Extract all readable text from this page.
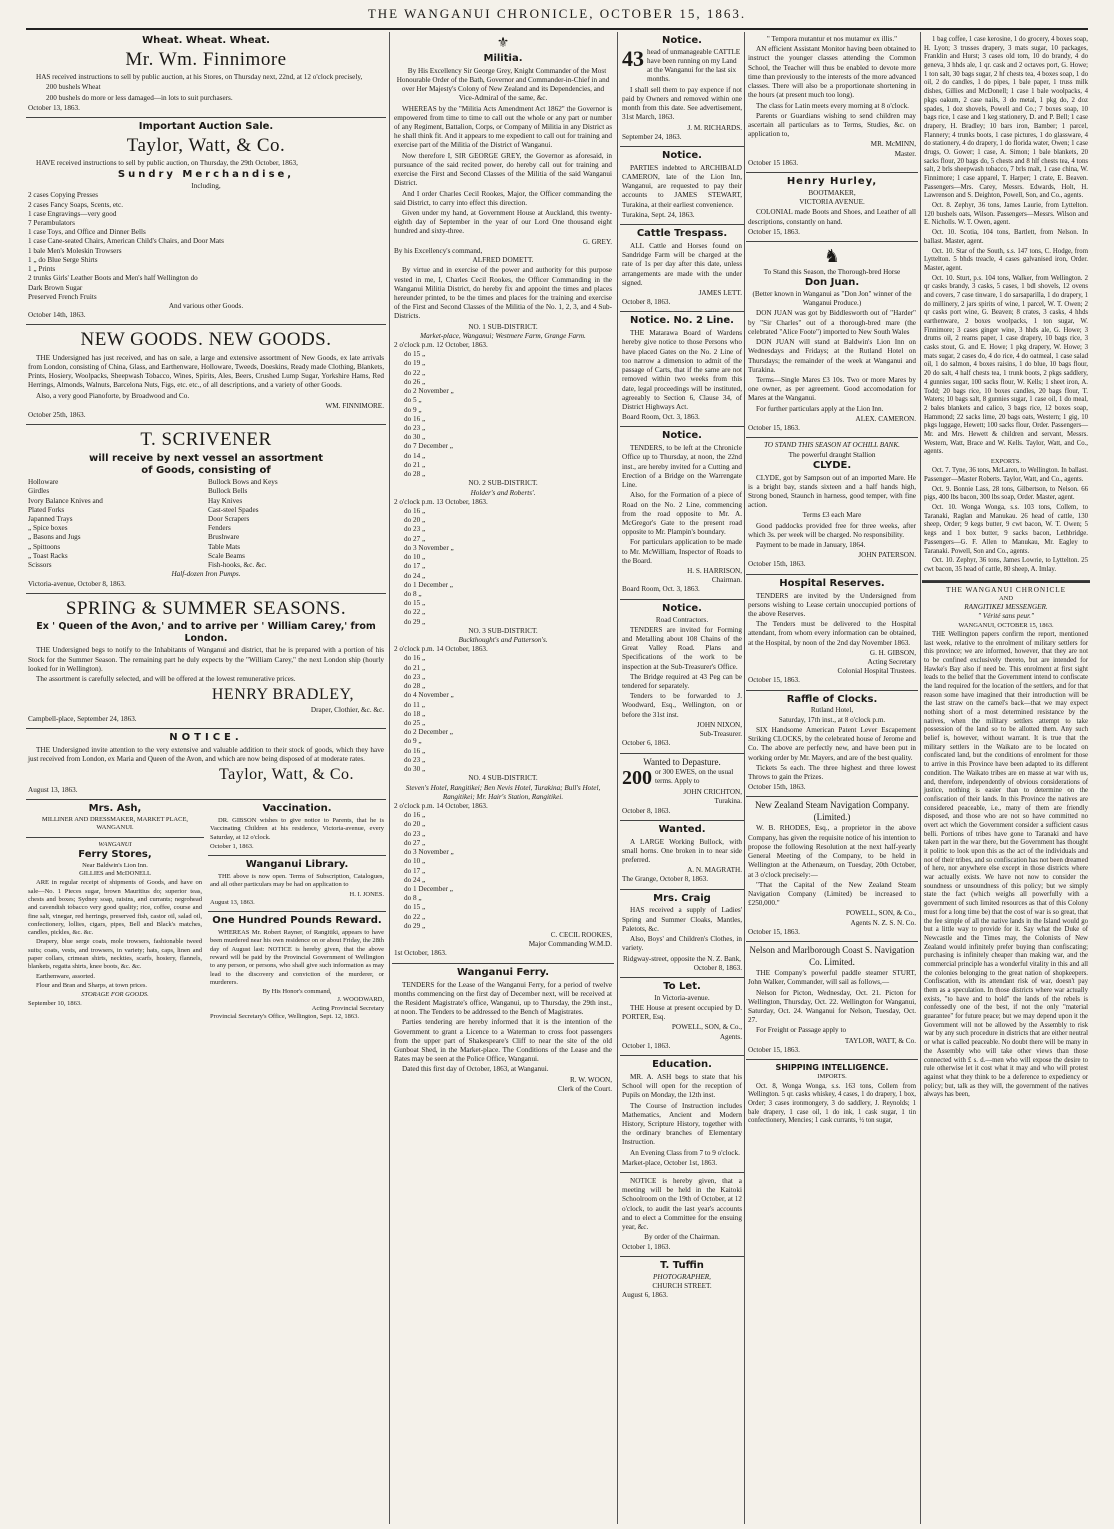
THE WANGANUI CHRONICLE, OCTOBER 15, 1863.
Wheat. Wheat. Wheat.
Mr. Wm. Finnimore

HAS received instructions to sell by public auction, at his Stores, on Thursday next, 22nd, at 12 o'clock precisely,

200 bushels Wheat
200 bushels do more or less damaged—in lots to suit purchasers.
October 13, 1863.
Important Auction Sale.
Taylor, Watt, & Co.

HAVE received instructions to sell by public auction, on Thursday, the 29th October, 1863,

Sundry Merchandise,
Including,
2 cases Copying Presses
2 cases Fancy Soaps, Scents, etc.
1 case Engravings—very good
7 Perambulators
1 case Toys, and Office and Dinner Bells
1 case Cane-seated Chairs, American Child's Chairs, and Door Mats
1 bale Men's Moleskin Trowsers
1 „ do Blue Serge Shirts
1 „ Prints
2 trunks Girls' Leather Boots and Men's half Wellington do
Dark Brown Sugar
Preserved French Fruits
And various other Goods.
October 14th, 1863.
NEW GOODS. NEW GOODS.

THE Undersigned has just received, and has on sale, a large and extensive assortment of New Goods, ex late arrivals from London, consisting of China, Glass, and Earthenware, Holloware, Tweeds, Doeskins, Ready made Clothing, Blankets, Prints, Hosiery, Woolpacks, Sheepwash Tobacco, Wines, Spirits, Ales, Beers, Crushed Lump Sugar, Yorkshire Hams, Red Herrings, Almonds, Walnuts, Barcelona Nuts, Figs, etc. etc., of all descriptions, and a variety of other Goods.

Also, a very good Pianoforte, by Broadwood and Co.

WM. FINNIMORE.
October 25th, 1863.
T. SCRIVENER
will receive by next vessel an assortment
of Goods, consisting of
Holloware
Girdles
Ivory Balance Knives and
Plated Forks
Japanned Trays
„ Spice boxes
„ Basons and Jugs
„ Spittoons
„ Toast Racks
Scissors
Bullock Bows and Keys
Bullock Bells
Hay Knives
Cast-steel Spades
Door Scrapers
Fenders
Brushware
Table Mats
Scale Beams
Fish-hooks, &c. &c.
Half-dozen Iron Pumps.
Victoria-avenue, October 8, 1863.
SPRING & SUMMER SEASONS.
Ex ' Queen of the Avon,' and to arrive per ' William Carey,' from London.

THE Undersigned begs to notify to the Inhabitants of Wanganui and district, that he is prepared with a portion of his Stock for the Summer Season. The remaining part he duly expects by the "William Carey," the next London ship (hourly looked for in Wellington).

The assortment is carefully selected, and will be offered at the lowest remunerative prices.

HENRY BRADLEY,
Draper, Clothier, &c. &c.
Campbell-place, September 24, 1863.
NOTICE.

THE Undersigned invite attention to the very extensive and valuable addition to their stock of goods, which they have just received from London, ex Maria and Queen of the Avon, and which are now being disposed of at moderate rates.

Taylor, Watt, & Co.
August 13, 1863.
Mrs. Ash,
MILLINER AND DRESSMAKER, MARKET PLACE, WANGANUI.
WANGANUI
Ferry Stores,
Near Baldwin's Lion Inn.
GILLIES and McDONELL

ARE in regular receipt of shipments of Goods, and have on sale—No. 1 Pieces sugar, brown Mauritius do; superior teas, chests and boxes; Sydney soap, raisins, and currants; negrohead and cavendish tobacco very good quality; rice, coffee, course and fine salt, vinegar, red herrings, preserved fish, castor oil, salad oil, confectionery, lollies, cigars, pipes, Bell and Black's matches, candles, pickles, &c. &c.

Drapery, blue serge coats, mole trowsers, fashionable tweed suits; coats, vests, and trowsers, in variety; hats, caps, linen and paper collars, crimean shirts, neckties, scarfs, hosiery, flannels, blankets, regatta shirts, knee boots, &c. &c.

Earthenware, assorted.

Flour and Bran and Sharps, at town prices.

STORAGE FOR GOODS.
September 10, 1863.
Vaccination.

DR. GIBSON wishes to give notice to Parents, that he is Vaccinating Children at his residence, Victoria-avenue, every Saturday, at 12 o'clock.

October 1, 1863.
Wanganui Library.

THE above is now open. Terms of Subscription, Catalogues, and all other particulars may be had on application to

H. I. JONES.
August 13, 1863.
One Hundred Pounds Reward.

WHEREAS Mr. Robert Rayner, of Rangitiki, appears to have been murdered near his own residence on or about Friday, the 28th day of August last: NOTICE is hereby given, that the above reward will be paid by the Provincial Government of Wellington to any person, or persons, who shall give such information as may lead to the discovery and conviction of the murderer, or murderers.

By His Honor's command,
J. WOODWARD,
Acting Provincial Secretary
Provincial Secretary's Office, Wellington, Sept. 12, 1863.
⚜
Militia.

By His Excellency Sir George Grey, Knight Commander of the Most Honourable Order of the Bath, Governor and Commander-in-Chief in and over Her Majesty's Colony of New Zealand and its Dependencies, and Vice-Admiral of the same, &c.

WHEREAS by the "Militia Acts Amendment Act 1862" the Governor is empowered from time to time to call out the whole or any part or number of any Regiment, Battalion, Corps, or Company of Militia in any District as he shall think fit. And it appears to me expedient to call out for training and exercise part of the Militia of the District of Wanganui.

Now therefore I, SIR GEORGE GREY, the Governor as aforesaid, in pursuance of the said recited power, do hereby call out for training and exercise the First and Second Classes of the Militia of the said Wanganui District.

And I order Charles Cecil Rookes, Major, the Officer commanding the said District, to carry into effect this direction.

Given under my hand, at Government House at Auckland, this twenty-eighth day of September in the year of our Lord One thousand eight hundred and sixty-three.

G. GREY.
By his Excellency's command,
ALFRED DOMETT.

By virtue and in exercise of the power and authority for this purpose vested in me, I, Charles Cecil Rookes, the Officer Commanding in the Wanganui Militia District, do hereby fix and appoint the times and places hereunder printed, to be the times and places for the training and exercise of the First and Second Classes of the Militia of the No. 1, 2, 3, and 4 Sub-Districts.

NO. 1 SUB-DISTRICT.
Market-place, Wanganui; Westmere Farm, Grange Farm.
2 o'clock p.m. 12 October, 1863.
do 15 „
do 19 „
do 22 „
do 26 „
do 2 November „
do 5 „
do 9 „
do 16 „
do 23 „
do 30 „
do 7 December „
do 14 „
do 21 „
do 28 „
NO. 2 SUB-DISTRICT.
Holder's and Roberts'.
2 o'clock p.m. 13 October, 1863.
do 16 „
do 20 „
do 23 „
do 27 „
do 3 November „
do 10 „
do 17 „
do 24 „
do 1 December „
do 8 „
do 15 „
do 22 „
do 29 „
NO. 3 SUB-DISTRICT.
Buckthought's and Patterson's.
2 o'clock p.m. 14 October, 1863.
do 16 „
do 21 „
do 23 „
do 28 „
do 4 November „
do 11 „
do 18 „
do 25 „
do 2 December „
do 9 „
do 16 „
do 23 „
do 30 „
NO. 4 SUB-DISTRICT.
Steven's Hotel, Rangitikei; Ben Nevis Hotel, Turakina; Bull's Hotel, Rangitikei; Mr. Hair's Station, Rangitikei.
2 o'clock p.m. 14 October, 1863.
do 16 „
do 20 „
do 23 „
do 27 „
do 3 November „
do 10 „
do 17 „
do 24 „
do 1 December „
do 8 „
do 15 „
do 22 „
do 29 „
C. CECIL ROOKES,
Major Commanding W.M.D.
1st October, 1863.
Wanganui Ferry.

TENDERS for the Lease of the Wanganui Ferry, for a period of twelve months commencing on the first day of December next, will be received at the Resident Magistrate's office, Wanganui, up to Thursday, the 29th inst., at noon. The Tenders to be addressed to the Bench of Magistrates.

Parties tendering are hereby informed that it is the intention of the Government to grant a Licence to a Waterman to cross foot passengers from the upper part of Shakespeare's Cliff to near the site of the old Gunboat Shed, in the Market-place. The Conditions of the Lease and the Rates may be seen at the Police Office, Wanganui.

Dated this first day of October, 1863, at Wanganui.

R. W. WOON,
Clerk of the Court.
Notice.
43 head of unmanageable CATTLE have been running on my Land at the Wanganui for the last six months.

I shall sell them to pay expence if not paid by Owners and removed within one month from this date. See advertisement, 31st March, 1863.

J. M. RICHARDS.
September 24, 1863.
Notice.

PARTIES indebted to ARCHIBALD CAMERON, late of the Lion Inn, Wanganui, are requested to pay their accounts to JAMES STEWART, Turakina, at their earliest convenience.

Turakina, Sept. 24, 1863.
Cattle Trespass.

ALL Cattle and Horses found on Sandridge Farm will be charged at the rate of 1s per day after this date, unless arrangements are made with the under signed.

JAMES LETT.
October 8, 1863.
Notice. No. 2 Line.

THE Matarawa Board of Wardens hereby give notice to those Persons who have placed Gates on the No. 2 Line of too narrow a dimension to admit of the passage of Carts, that if the same are not removed within two weeks from this date, legal proceedings will be instituted, agreeably to Section 6, Clause 34, of District Highways Act.

Board Room, Oct. 3, 1863.
Notice.

TENDERS, to be left at the Chronicle Office up to Thursday, at noon, the 22nd inst., are hereby invited for a Cutting and Erection of a Bridge on the Warrengate Line.

Also, for the Formation of a piece of Road on the No. 2 Line, commencing from the road opposite to Mr. A. McGregor's Gate to the present road opposite to Mr. Plampin's boundary.

For particulars application to be made to Mr. McWilliam, Inspector of Roads to the Board.

H. S. HARRISON,
Chairman.
Board Room, Oct. 3, 1863.
Notice.
Road Contractors.

TENDERS are invited for Forming and Metalling about 108 Chains of the Great Valley Road. Plans and Specifications of the work to be inspection at the Sub-Treasurer's Office.

The Bridge required at 43 Peg can be tendered for separately.

Tenders to be forwarded to J. Woodward, Esq., Wellington, on or before the 31st inst.

JOHN NIXON,
Sub-Treasurer.
October 6, 1863.
Wanted to Depasture.
200 or 300 EWES, on the usual terms. Apply to
JOHN CRICHTON,
Turakina.
October 8, 1863.
Wanted.

A LARGE Working Bullock, with small horns. One broken in to near side preferred.

A. N. MAGRATH.
The Grange, October 8, 1863.
Mrs. Craig

HAS received a supply of Ladies' Spring and Summer Cloaks, Mantles, Paletots, &c.

Also, Boys' and Children's Clothes, in variety.

Ridgway-street, opposite the N. Z. Bank,
October 8, 1863.
To Let.
In Victoria-avenue.

THE House at present occupied by D. PORTER, Esq.

POWELL, SON, & Co.,
Agents.
October 1, 1863.
Education.

MR. A. ASH begs to state that his School will open for the reception of Pupils on Monday, the 12th inst.

The Course of Instruction includes Mathematics, Ancient and Modern History, Scripture History, together with the ordinary branches of Elementary Instruction.

An Evening Class from 7 to 9 o'clock.

Market-place, October 1st, 1863.

NOTICE is hereby given, that a meeting will be held in the Kaitoki Schoolroom on the 19th of October, at 12 o'clock, to audit the last year's accounts and to elect a Committee for the ensuing year, &c.

By order of the Chairman.
October 1, 1863.
T. Tuffin
PHOTOGRAPHER,
CHURCH STREET.
August 6, 1863.
" Tempora mutantur et nos mutamur ex illis."

AN efficient Assistant Monitor having been obtained to instruct the younger classes attending the Common School, the Teacher will thus be enabled to devote more time than previously to the interests of the more advanced classes. There will also be a proportionate shortening in the hours (at present much too long).

The class for Latin meets every morning at 8 o'clock.

Parents or Guardians wishing to send children may ascertain all particulars as to Terms, Studies, &c. on application to,

MR. McMINN,
Master.
October 15 1863.
Henry Hurley,
BOOTMAKER,
VICTORIA AVENUE.

COLONIAL made Boots and Shoes, and Leather of all descriptions, constantly on hand.

October 15, 1863.
♞
To Stand this Season, the Thorough-bred Horse
Don Juan.
(Better known in Wanganui as "Don Jon" winner of the Wanganui Produce.)

DON JUAN was got by Biddlesworth out of "Harder" by "Sir Charles" out of a thorough-bred mare (the celebrated "Alice Foote") imported to New South Wales

DON JUAN will stand at Baldwin's Lion Inn on Wednesdays and Fridays; at the Rutland Hotel on Thursdays; the remainder of the week at Wanganui and Turakina.

Terms—Single Mares £3 10s. Two or more Mares by one owner, as per agreement. Good accomodation for Mares at the Wanganui.

For further particulars apply at the Lion Inn.

ALEX. CAMERON.
October 15, 1863.
TO STAND THIS SEASON AT OCHILL BANK.
The powerful draught Stallion
CLYDE.

CLYDE, got by Sampson out of an imported Mare. He is a bright bay, stands sixteen and a half hands high, Strong boned, Staunch in harness, good temper, with fine action.

Terms £3 each Mare

Good paddocks provided free for three weeks, after which 3s. per week will be charged. No responsibility.

Payment to be made in January, 1864.

JOHN PATERSON.
October 15th, 1863.
Hospital Reserves.

TENDERS are invited by the Undersigned from persons wishing to Lease certain unoccupied portions of the above Reserves.

The Tenders must be delivered to the Hospital attendant, from whom every information can be obtained, at the Hospital, by noon of the 2nd day November 1863.

G. H. GIBSON,
Acting Secretary
Colonial Hospital Trustees.
October 15, 1863.
Raffle of Clocks.
Rutland Hotel,
Saturday, 17th inst., at 8 o'clock p.m.

SIX Handsome American Patent Lever Escapement Striking CLOCKS, by the celebrated house of Jerome and Co. The above are perfectly new, and have been put in working order by Mr. Mayers, and are of the best quality.

Tickets 5s each. The three highest and three lowest Throws to gain the Prizes.

October 15th, 1863.
New Zealand Steam Navigation Company. (Limited.)

W. B. RHODES, Esq., a proprietor in the above Company, has given the requisite notice of his intention to propose the following Resolution at the next half-yearly General Meeting of the Company, to be held in Wellington at the Athenæum, on Tuesday, 20th October, at 3 o'clock precisely:—

"That the Capital of the New Zealand Steam Navigation Company (Limited) be increased to £250,000."

POWELL, SON, & Co.,
Agents N. Z. S. N. Co.
October 15, 1863.
Nelson and Marlborough Coast S. Navigation Co. Limited.

THE Company's powerful paddle steamer STURT, John Walker, Commander, will sail as follows,—

Nelson for Picton, Wednesday, Oct. 21. Picton for Wellington, Thursday, Oct. 22. Wellington for Wanganui, Saturday, Oct. 24. Wanganui for Nelson, Tuesday, Oct. 27.

For Freight or Passage apply to

TAYLOR, WATT, & Co.
October 15, 1863.
SHIPPING INTELLIGENCE.
IMPORTS.

Oct. 8, Wonga Wonga, s.s. 163 tons, Collem from Wellington. 5 qr. casks whiskey, 4 cases, 1 do drapery, 1 box, Order; 3 cases ironmongery, 3 do saddlery, J. Reynolds; 1 bale drapery, 1 case oil, 1 do ink, 1 cask sugar, 1 tin confectionery, Mencies; 1 cask currants, ½ ton sugar,

1 bag coffee, 1 case kerosine, 1 do grocery, 4 boxes soap, H. Lyon; 3 trusses drapery, 3 mats sugar, 10 packages, Franklin and Hurst; 3 cases old tom, 10 do brandy, 4 do geneva, 3 hhds ale, 1 qr. cask and 2 octaves port, G. Howe; 1 ton salt, 30 bags sugar, 2 hf chests tea, 4 boxes soap, 1 do oil, 2 do candles, 1 do pipes, 1 bale paper, 1 truss milk dishes, Gillies and McDonell; 1 case 1 bale woolpacks, 4 pkgs oakum, 2 case nails, 3 do metal, 1 pkg do, 2 doz spades, 1 doz shovels, Powell and Co.; 7 boxes soap, 10 bags rice, 1 case and 1 keg stationery, D. and P. Bell; 1 case drapery, H. Bradley; 10 bars iron, Bamber; 1 parcel, Flannery; 4 trunks boots, 1 case pictures, 1 do glassware, 4 do stationery, 4 do drapery, 1 do florida water, Owen; 1 case drugs, O. Gower; 1 case, A. Simon; 1 bale blankets, 20 sacks flour, 20 bags do, 5 chests and 8 hlf chests tea, 4 tons salt, 2 brls sheepwash tobacco, 7 brls malt, 1 case china, W. Finnimore; 1 case apparel, T. Harper; 1 crate, E. Beaven. Passengers—Mrs. Carey, Messrs. Edwards, Holt, H. Lawrenson and S. Deighton, Powell, Son, and Co., agents.

Oct. 8. Zephyr, 36 tons, James Laurie, from Lyttelton. 120 bushels oats, Wilson. Passengers—Messrs. Wilson and E. Nicholls. W. T. Owen, agent.

Oct. 10. Scotia, 104 tons, Bartlett, from Nelson. In ballast. Master, agent.

Oct. 10. Star of the South, s.s. 147 tons, C. Hodge, from Lyttelton. 5 bhds treacle, 4 cases galvanised iron, Order. Master, agent.

Oct. 10. Sturt, p.s. 104 tons, Walker, from Wellington. 2 qr casks brandy, 3 casks, 5 cases, 1 bdl shovels, 12 ovens and covers, 7 case tinware, 1 do sarsaparilla, 1 do drapery, 1 do millinery, 2 jars spirits of wine, 1 parcel, W. T. Owen; 2 qr casks port wine, G. Beaven; 8 crates, 3 casks, 4 hhds earthenware, 2 boxes woolpacks, 1 ton sugar, W. Finnimore; 3 cases ginger wine, 3 hhds ale, G. Howe; 3 drums oil, 2 reams paper, 1 case drapery, 10 bags rice, 3 casks stout, G. and E. Howe; 1 pkg drapery, W. Howe; 3 mats sugar, 2 cases do, 4 do rice, 4 do oatmeal, 1 case salad oil, 1 do salmon, 4 boxes raisins, 1 do blue, 10 bags flour, 20 do salt, 4 half chests tea, 1 trunk boots, 2 pkgs saddlery, 4 gunnies sugar, 100 sacks flour, W. Kells; 1 sheet iron, A. Todd; 20 bags rice, 10 boxes candles, 20 bags flour, T. Waters; 10 bags salt, 8 gunnies sugar, 1 case oil, 1 do meal, 2 bales blankets and calico, 3 bags rice, 12 boxes soap, Hammond; 22 sacks lime, 20 bags oats, Western; 1 gig, 10 pkgs luggage, Hewett; 100 sacks flour, Order. Passengers—Mr. and Mrs. Hewett & children and servant, Messrs. Western, Watt, Brace and W. Kells. Taylor, Watt, and Co., agents.

EXPORTS.

Oct. 7. Tyne, 36 tons, McLaren, to Wellington. In ballast. Passenger—Master Roberts. Taylor, Watt, and Co., agents.

Oct. 9. Bonnie Lass, 28 tons, Gilbertson, to Nelson. 66 pigs, 400 lbs bacon, 300 lbs soap, Order. Master, agent.

Oct. 10. Wonga Wonga, s.s. 103 tons, Collem, to Taranaki, Raglan and Manukau. 26 head of cattle, 130 sheep, Order; 9 kegs butter, 9 cwt bacon, W. T. Owen; 5 kegs and 1 box butter, 9 sacks bacon, Lethbridge. Passengers—G. F. Allen to Manukau, Mr. Eagley to Taranaki. Powell, Son and Co., agents.

Oct. 10. Zephyr, 36 tons, James Lowrie, to Lyttelton. 25 cwt bacon, 35 head of cattle, 80 sheep, A. Imlay.

THE WANGANUI CHRONICLE
AND
RANGITIKEI MESSENGER.
" Vérité sans peur."
WANGANUI, OCTOBER 15, 1863.

THE Wellington papers confirm the report, mentioned last week, relative to the enrolment of military settlers for this province; we are informed, however, that they are not to be confined exclusively thereto, but are intended for Hawke's Bay also if need be. This enrolment at first sight leads to the belief that the Government intend to confiscate the land required for the location of the settlers, and for that reason some have imagined that their introduction will be the last straw on the camel's back—that we may expect nothing short of a most determined resistance by the natives, when the military settlers attempt to take possession of the land so to be allotted them. Any such belief is, however, without warrant. It is true that the military settlers in the Waikato are to be located on confiscated land, but the conditions of enrolment for those to arrive in this Province have been adapted to its different condition. The Waikato tribes are en masse at war with us, and, therefore, independently of obvious considerations of justice, nothing is easier than to determine on the confiscation of their lands. In this Province the natives are considered peaceable, i.e., many of them are friendly disposed, and those who are not so have committed no overt act which the Government consider a sufficient casus belli. Portions of tribes have gone to Taranaki and have taken part in the war there, but the Government has thought it politic to look upon this as the act of the individuals and not of their tribes, and so confiscation has not been dreamed of here, nor anywhere else except in those districts where war actually exists. We have not now to consider the soundness or unsoundness of this policy; but we simply state the fact (which weighs all powerfully with a government of such limited resources as that of this Colony must for a long time be) that the cost of war is so great, that the fee simple of all the native lands in the Island would go but a little way to provide for it. Say what the Duke of Newcastle and the Times may, the Colonists of New Zealand would infinitely prefer buying than confiscating; purchasing is infinitely cheaper than making war, and the commercial principle has a wonderful vitality in this and all the colonies belonging to the great nation of shopkeepers. Confiscation, with its attendant risk of war, doesn't pay them as a speculation. In those districts where war actually exists, "to have and to hold" the lands of the rebels is confessedly one of the best, if not the only "material guarantee" for future peace; but we may depend upon it the Government will not be allowed by the Assembly to risk war by any such procedure in districts that are either neutral or what is called peaceable. No doubt there will be many in the Assembly who will take other views than those connected with £ s. d.—men who will expose the desire to rule otherwise let it cost what it may and who will protest against what they think to be a deference to expediency or policy; but, talk as they will, the government of the natives always has been,
